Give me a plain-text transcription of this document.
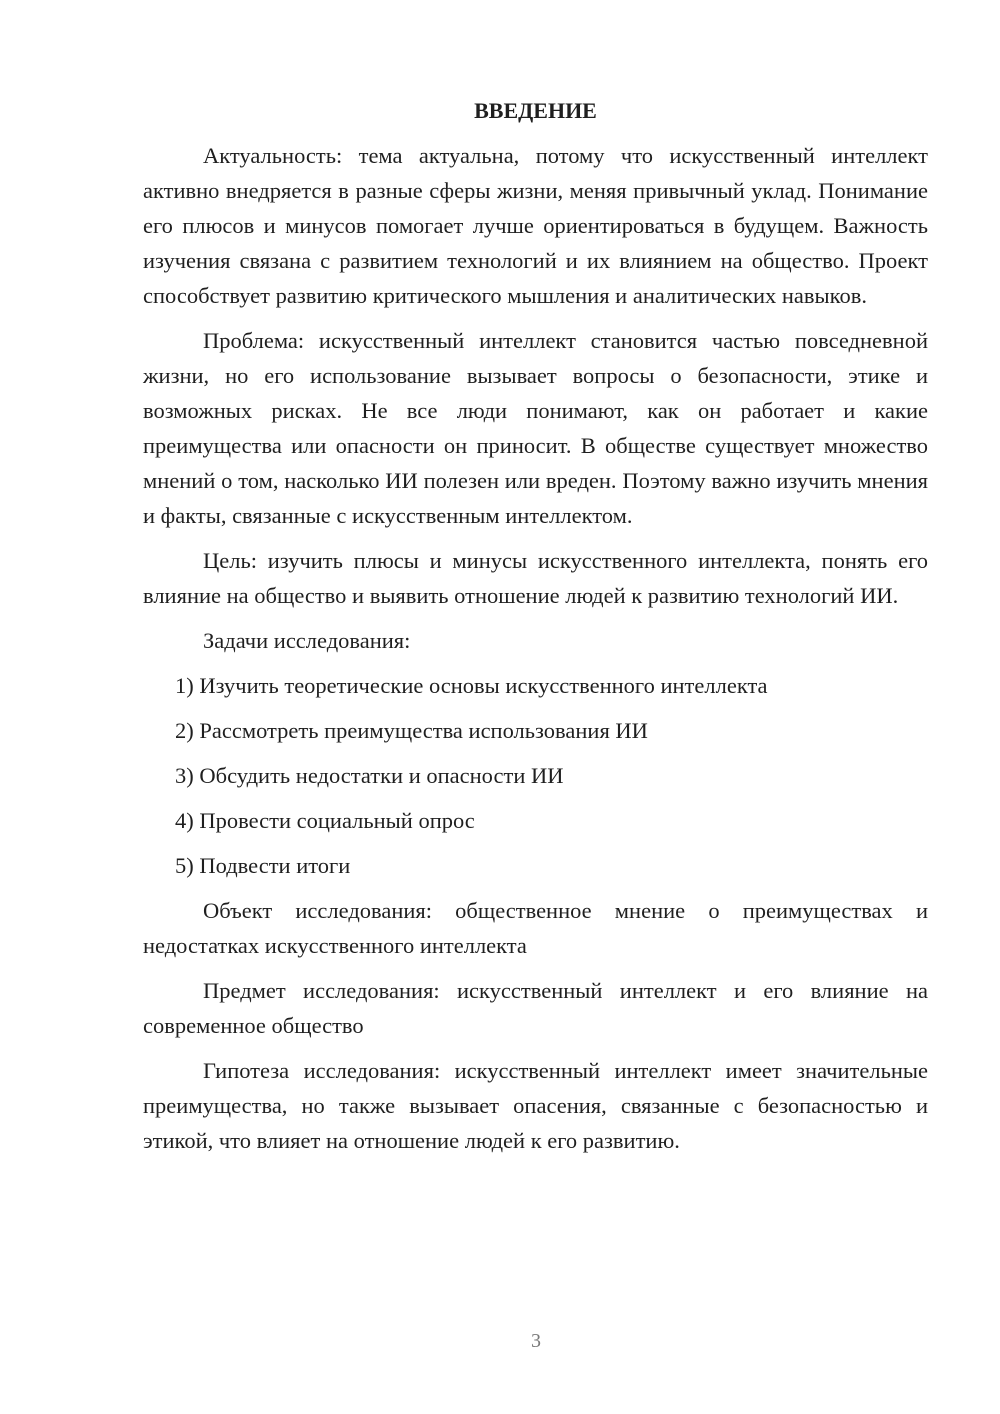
ВВЕДЕНИЕ

Актуальность: тема актуальна, потому что искусственный интеллект активно внедряется в разные сферы жизни, меняя привычный уклад. Понимание его плюсов и минусов помогает лучше ориентироваться в будущем. Важность изучения связана с развитием технологий и их влиянием на общество. Проект способствует развитию критического мышления и аналитических навыков.

Проблема: искусственный интеллект становится частью повседневной жизни, но его использование вызывает вопросы о безопасности, этике и возможных рисках. Не все люди понимают, как он работает и какие преимущества или опасности он приносит. В обществе существует множество мнений о том, насколько ИИ полезен или вреден. Поэтому важно изучить мнения и факты, связанные с искусственным интеллектом.

Цель: изучить плюсы и минусы искусственного интеллекта, понять его влияние на общество и выявить отношение людей к развитию технологий ИИ.

Задачи исследования:
1) Изучить теоретические основы искусственного интеллекта
2) Рассмотреть преимущества использования ИИ
3) Обсудить недостатки и опасности ИИ
4) Провести социальный опрос
5) Подвести итоги

Объект исследования: общественное мнение о преимуществах и недостатках искусственного интеллекта

Предмет исследования: искусственный интеллект и его влияние на современное общество

Гипотеза исследования: искусственный интеллект имеет значительные преимущества, но также вызывает опасения, связанные с безопасностью и этикой, что влияет на отношение людей к его развитию.

3
